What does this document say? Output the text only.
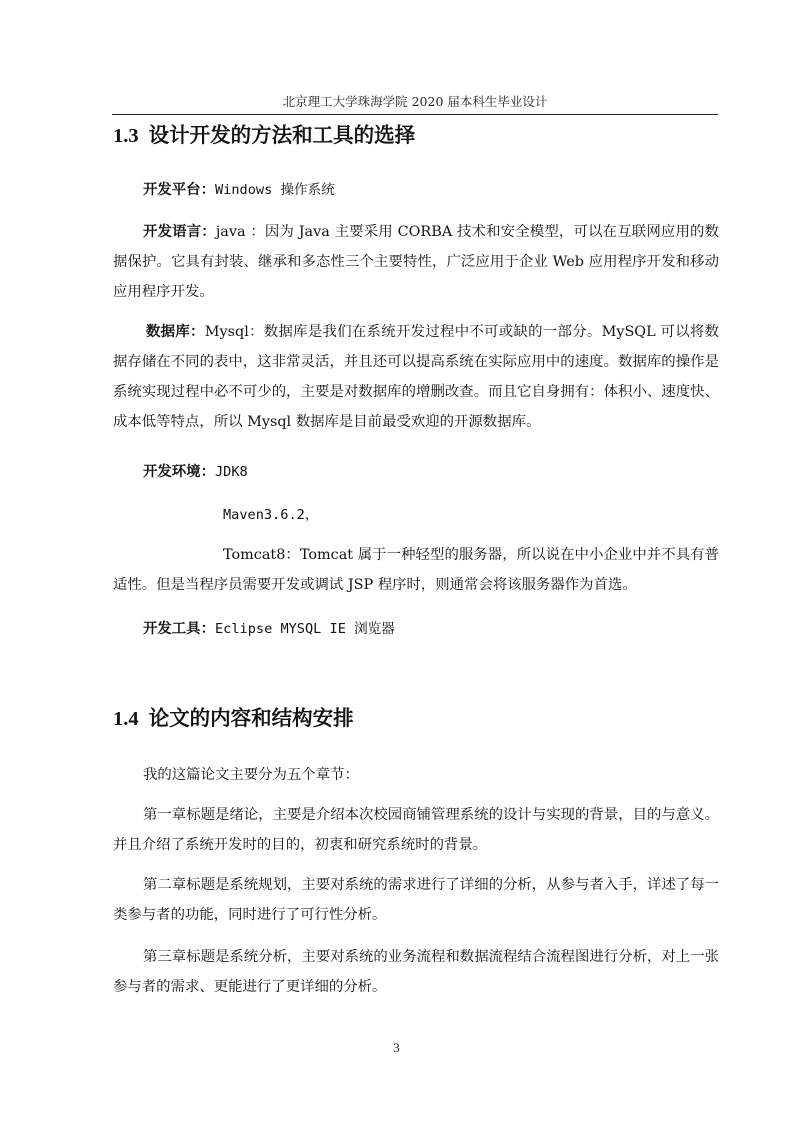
北京理工大学珠海学院 2020 届本科生毕业设计
1.3 设计开发的方法和工具的选择

开发平台：Windows 操作系统

开发语言：java ：因为 Java 主要采用 CORBA 技术和安全模型，可以在互联网应用的数据保护。它具有封装、继承和多态性三个主要特性，广泛应用于企业 Web 应用程序开发和移动应用程序开发。

数据库：Mysql：数据库是我们在系统开发过程中不可或缺的一部分。MySQL 可以将数据存储在不同的表中，这非常灵活，并且还可以提高系统在实际应用中的速度。数据库的操作是系统实现过程中必不可少的，主要是对数据库的增删改查。而且它自身拥有：体积小、速度快、成本低等特点，所以 Mysql 数据库是目前最受欢迎的开源数据库。

开发环境：JDK8

Maven3.6.2，

Tomcat8：Tomcat 属于一种轻型的服务器，所以说在中小企业中并不具有普适性。但是当程序员需要开发或调试 JSP 程序时，则通常会将该服务器作为首选。

开发工具：Eclipse MYSQL IE 浏览器

1.4 论文的内容和结构安排

我的这篇论文主要分为五个章节：

第一章标题是绪论，主要是介绍本次校园商铺管理系统的设计与实现的背景，目的与意义。并且介绍了系统开发时的目的，初衷和研究系统时的背景。

第二章标题是系统规划，主要对系统的需求进行了详细的分析，从参与者入手，详述了每一类参与者的功能，同时进行了可行性分析。

第三章标题是系统分析，主要对系统的业务流程和数据流程结合流程图进行分析，对上一张参与者的需求、更能进行了更详细的分析。

3
